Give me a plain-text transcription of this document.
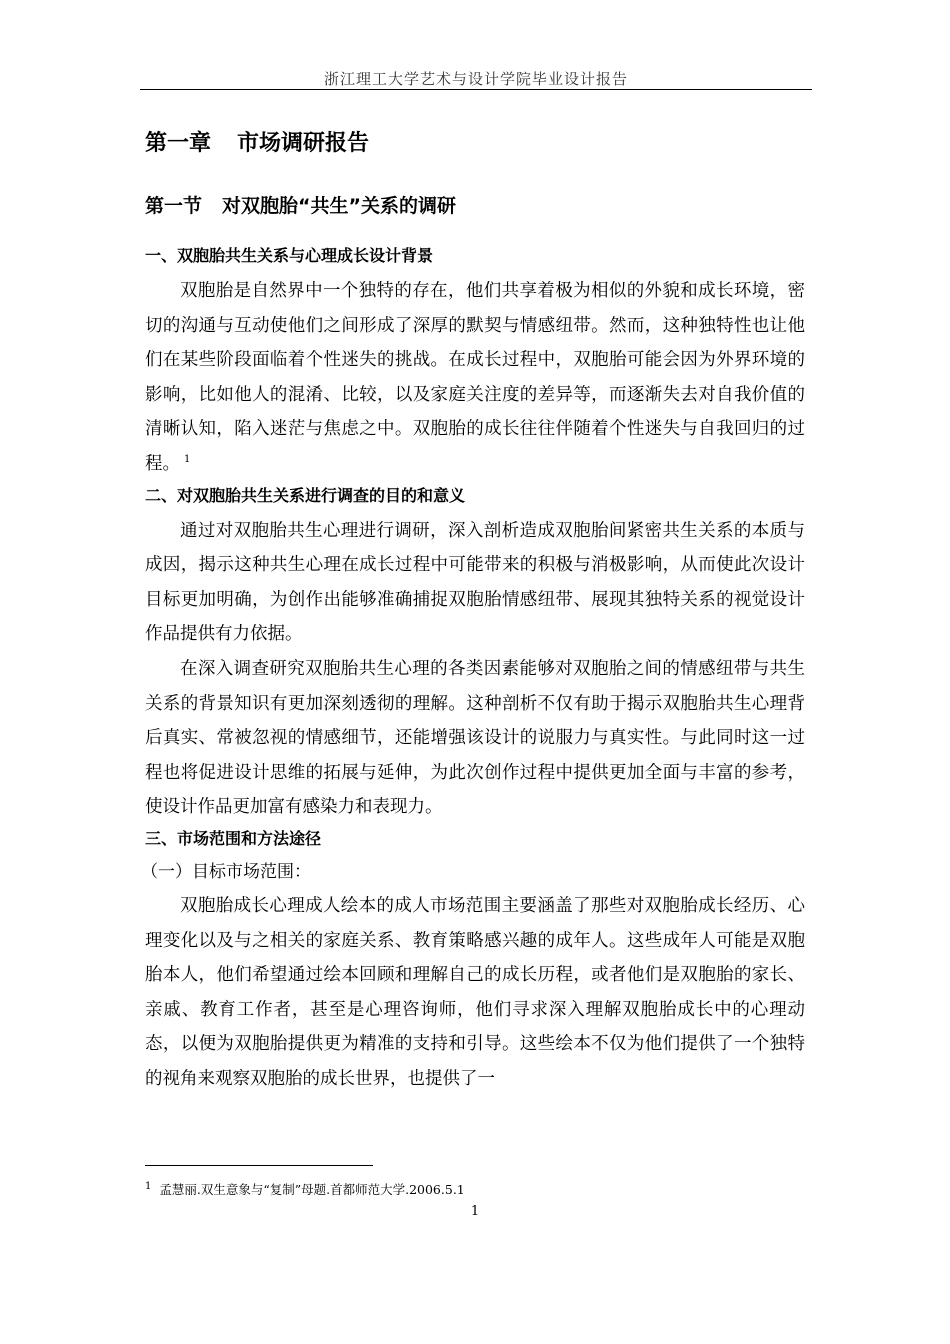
浙江理工大学艺术与设计学院毕业设计报告
第一章 市场调研报告
第一节 对双胞胎“共生”关系的调研
一、双胞胎共生关系与心理成长设计背景

双胞胎是自然界中一个独特的存在，他们共享着极为相似的外貌和成长环境，密切的沟通与互动使他们之间形成了深厚的默契与情感纽带。然而，这种独特性也让他们在某些阶段面临着个性迷失的挑战。在成长过程中，双胞胎可能会因为外界环境的影响，比如他人的混淆、比较，以及家庭关注度的差异等，而逐渐失去对自我价值的清晰认知，陷入迷茫与焦虑之中。双胞胎的成长往往伴随着个性迷失与自我回归的过程。 $^1$

二、对双胞胎共生关系进行调查的目的和意义

通过对双胞胎共生心理进行调研，深入剖析造成双胞胎间紧密共生关系的本质与成因，揭示这种共生心理在成长过程中可能带来的积极与消极影响，从而使此次设计目标更加明确，为创作出能够准确捕捉双胞胎情感纽带、展现其独特关系的视觉设计作品提供有力依据。

在深入调查研究双胞胎共生心理的各类因素能够对双胞胎之间的情感纽带与共生关系的背景知识有更加深刻透彻的理解。这种剖析不仅有助于揭示双胞胎共生心理背后真实、常被忽视的情感细节，还能增强该设计的说服力与真实性。与此同时这一过程也将促进设计思维的拓展与延伸，为此次创作过程中提供更加全面与丰富的参考，使设计作品更加富有感染力和表现力。

三、市场范围和方法途径
（一）目标市场范围：

双胞胎成长心理成人绘本的成人市场范围主要涵盖了那些对双胞胎成长经历、心理变化以及与之相关的家庭关系、教育策略感兴趣的成年人。这些成年人可能是双胞胎本人，他们希望通过绘本回顾和理解自己的成长历程，或者他们是双胞胎的家长、亲戚、教育工作者，甚至是心理咨询师，他们寻求深入理解双胞胎成长中的心理动态，以便为双胞胎提供更为精准的支持和引导。这些绘本不仅为他们提供了一个独特的视角来观察双胞胎的成长世界，也提供了一

$^1$ 孟慧丽.双生意象与“复制”母题.首都师范大学.2006.5.1
1
